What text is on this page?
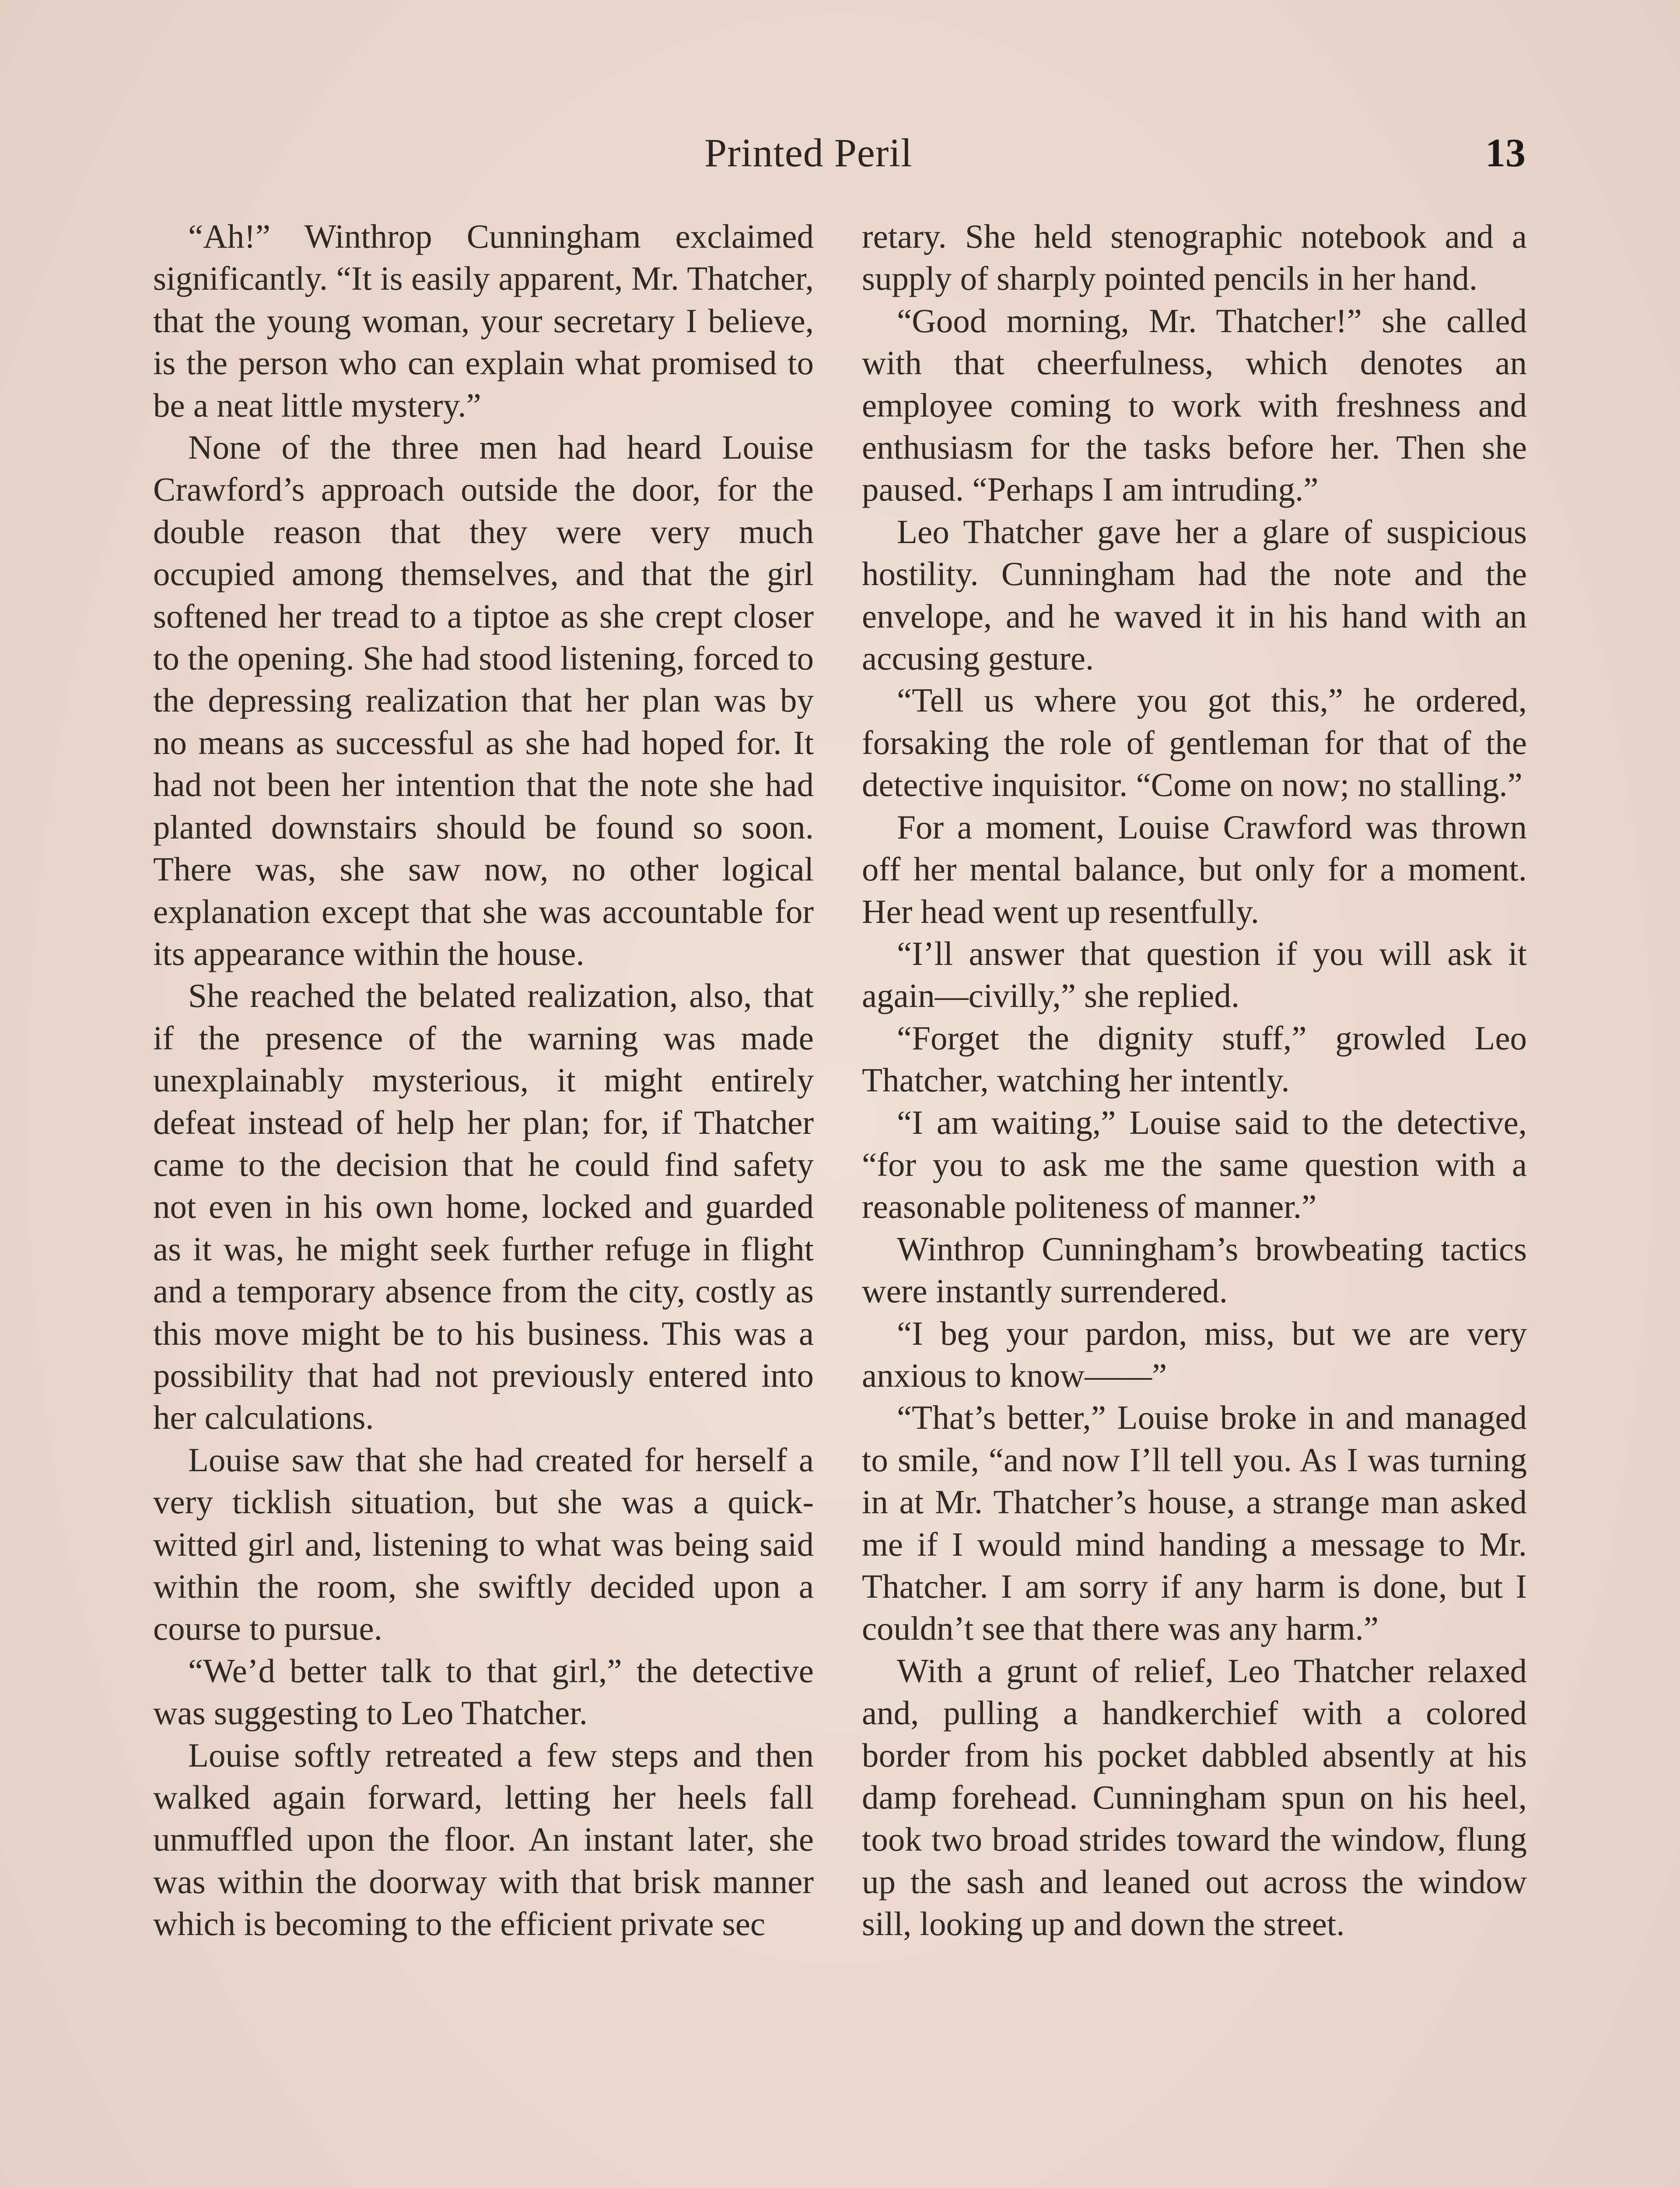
Printed Peril	13

“Ah!” Winthrop Cunningham exclaimed significantly. “It is easily apparent, Mr. Thatcher, that the young woman, your secretary I believe, is the person who can explain what promised to be a neat little mystery.”

None of the three men had heard Louise Crawford’s approach outside the door, for the double reason that they were very much occupied among themselves, and that the girl softened her tread to a tiptoe as she crept closer to the opening. She had stood listening, forced to the depressing realization that her plan was by no means as successful as she had hoped for. It had not been her intention that the note she had planted downstairs should be found so soon. There was, she saw now, no other logical explanation except that she was accountable for its appearance within the house.

She reached the belated realization, also, that if the presence of the warning was made unexplainably mysterious, it might entirely defeat instead of help her plan; for, if Thatcher came to the decision that he could find safety not even in his own home, locked and guarded as it was, he might seek further refuge in flight and a temporary absence from the city, costly as this move might be to his business. This was a possibility that had not previously entered into her calculations.

Louise saw that she had created for herself a very ticklish situation, but she was a quick-witted girl and, listening to what was being said within the room, she swiftly decided upon a course to pursue.

“We’d better talk to that girl,” the detective was suggesting to Leo Thatcher.

Louise softly retreated a few steps and then walked again forward, letting her heels fall unmuffled upon the floor. An instant later, she was within the doorway with that brisk manner which is becoming to the efficient private sec

retary. She held stenographic notebook and a supply of sharply pointed pencils in her hand.

“Good morning, Mr. Thatcher!” she called with that cheerfulness, which denotes an employee coming to work with freshness and enthusiasm for the tasks before her. Then she paused. “Perhaps I am intruding.”

Leo Thatcher gave her a glare of suspicious hostility. Cunningham had the note and the envelope, and he waved it in his hand with an accusing gesture.

“Tell us where you got this,” he ordered, forsaking the role of gentleman for that of the detective inquisitor. “Come on now; no stalling.”

For a moment, Louise Crawford was thrown off her mental balance, but only for a moment. Her head went up resentfully.

“I’ll answer that question if you will ask it again—civilly,” she replied.

“Forget the dignity stuff,” growled Leo Thatcher, watching her intently.

“I am waiting,” Louise said to the detective, “for you to ask me the same question with a reasonable politeness of manner.”

Winthrop Cunningham’s browbeating tactics were instantly surrendered.

“I beg your pardon, miss, but we are very anxious to know——”

“That’s better,” Louise broke in and managed to smile, “and now I’ll tell you. As I was turning in at Mr. Thatcher’s house, a strange man asked me if I would mind handing a message to Mr. Thatcher. I am sorry if any harm is done, but I couldn’t see that there was any harm.”

With a grunt of relief, Leo Thatcher relaxed and, pulling a handkerchief with a colored border from his pocket dabbled absently at his damp forehead. Cunningham spun on his heel, took two broad strides toward the window, flung up the sash and leaned out across the window sill, looking up and down the street.
